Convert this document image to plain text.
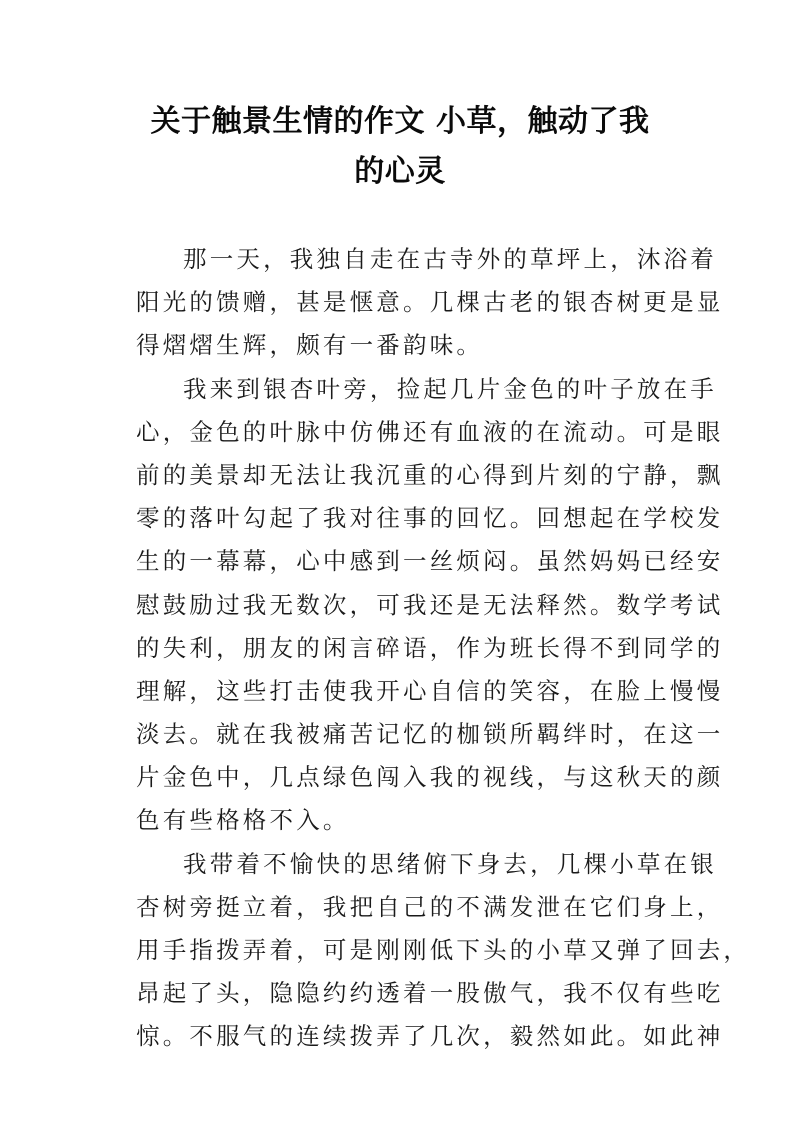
关于触景生情的作文 小草，触动了我
的心灵

那一天，我独自走在古寺外的草坪上，沐浴着
阳光的馈赠，甚是惬意。几棵古老的银杏树更是显
得熠熠生辉，颇有一番韵味。

我来到银杏叶旁，捡起几片金色的叶子放在手
心，金色的叶脉中仿佛还有血液的在流动。可是眼
前的美景却无法让我沉重的心得到片刻的宁静，飘
零的落叶勾起了我对往事的回忆。回想起在学校发
生的一幕幕，心中感到一丝烦闷。虽然妈妈已经安
慰鼓励过我无数次，可我还是无法释然。数学考试
的失利，朋友的闲言碎语，作为班长得不到同学的
理解，这些打击使我开心自信的笑容，在脸上慢慢
淡去。就在我被痛苦记忆的枷锁所羁绊时，在这一
片金色中，几点绿色闯入我的视线，与这秋天的颜
色有些格格不入。

我带着不愉快的思绪俯下身去，几棵小草在银
杏树旁挺立着，我把自己的不满发泄在它们身上，
用手指拨弄着，可是刚刚低下头的小草又弹了回去，
昂起了头，隐隐约约透着一股傲气，我不仅有些吃
惊。不服气的连续拨弄了几次，毅然如此。如此神
